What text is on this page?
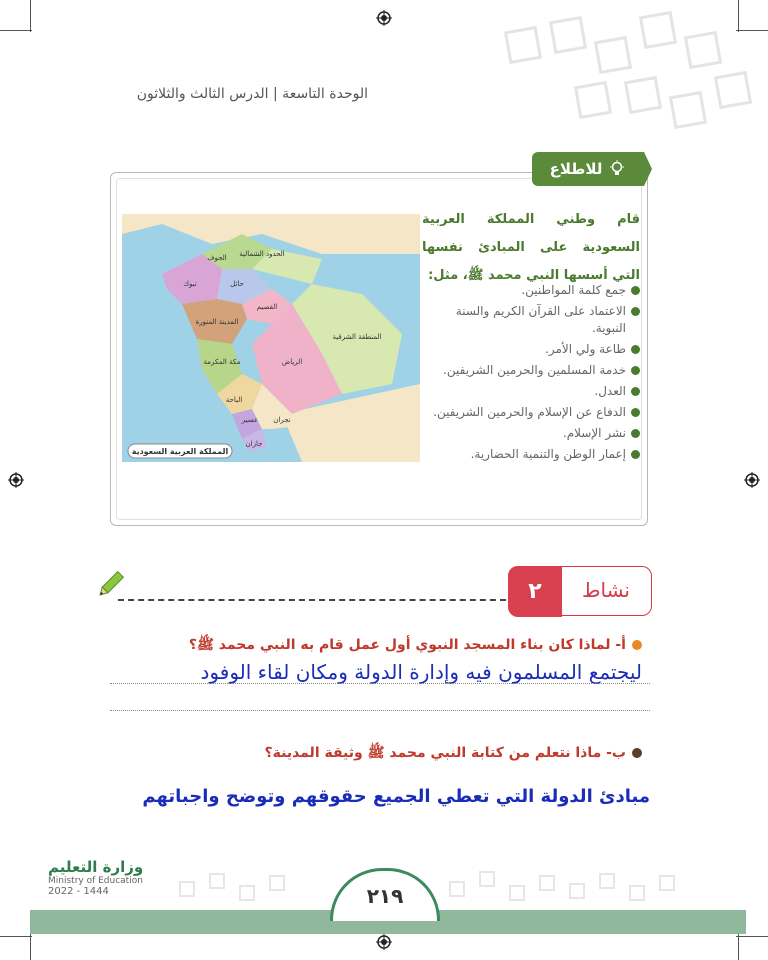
الوحدة التاسعة | الدرس الثالث والثلاثون
للاطلاع
الحدود الشمالية
الجوف
تبوك	حائل
القصيم
المدينة المنورة
الرياض
المنطقة الشرقية
مكة المكرمة
الباحة
عسير نجران
جازان
المملكة العربية السعودية
قام وطني المملكة العربية السعودية على المبادئ نفسها التي أسسها النبي محمد ﷺ، مثل:
جمع كلمة المواطنين.
الاعتماد على القرآن الكريم والسنة النبوية.
طاعة ولي الأمر.
خدمة المسلمين والحرمين الشريفين.
العدل.
الدفاع عن الإسلام والحرمين الشريفين.
نشر الإسلام.
إعمار الوطن والتنمية الحضارية.
٢	نشاط
أ- لماذا كان بناء المسجد النبوي أول عمل قام به النبي محمد ﷺ؟
ليجتمع المسلمون فيه وإدارة الدولة ومكان لقاء الوفود
ب- ماذا نتعلم من كتابة النبي محمد ﷺ وثيقة المدينة؟
مبادئ الدولة التي تعطي الجميع حقوقهم وتوضح واجباتهم
٢١٩
وزارة التعليم
Ministry of Education
2022 - 1444
